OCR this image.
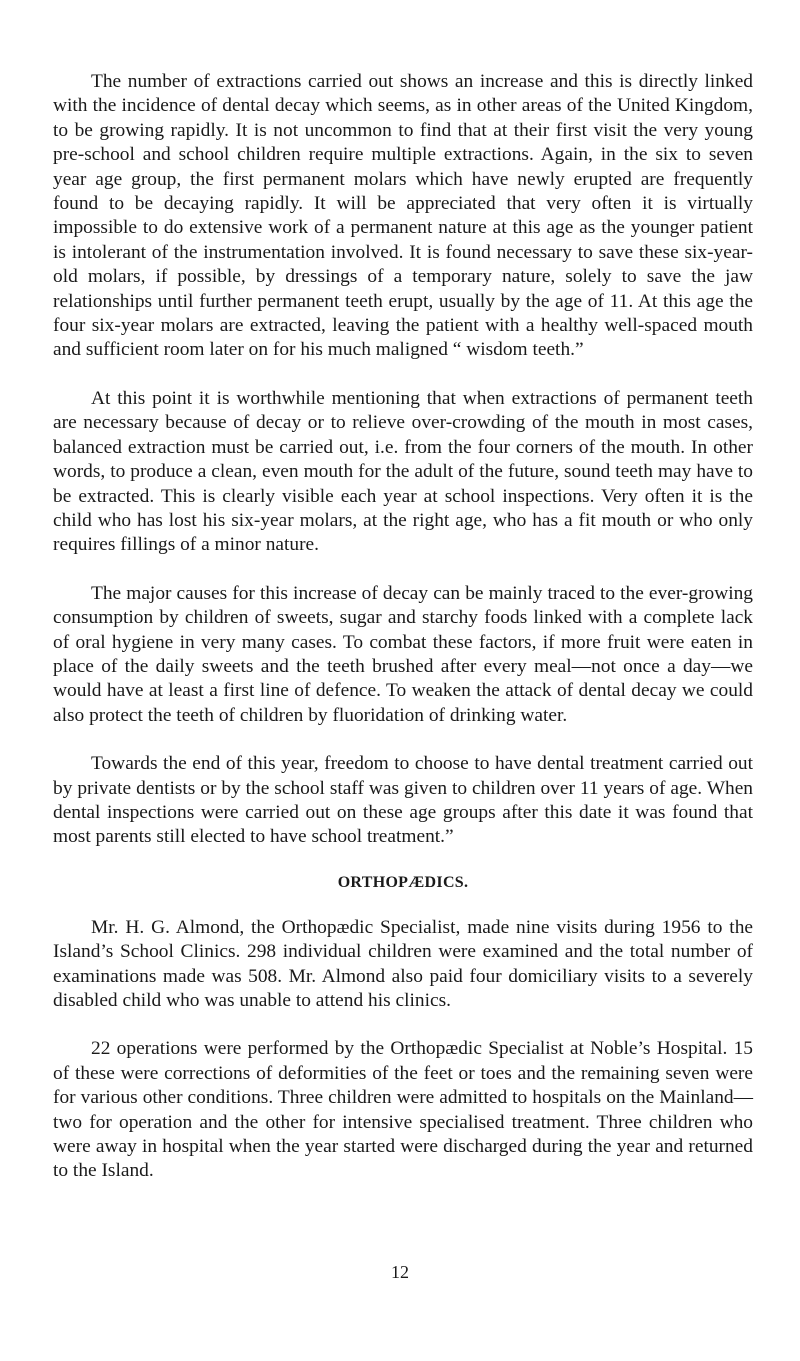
The number of extractions carried out shows an increase and this is directly linked with the incidence of dental decay which seems, as in other areas of the United Kingdom, to be growing rapidly. It is not uncommon to find that at their first visit the very young pre-school and school children require multiple extractions. Again, in the six to seven year age group, the first permanent molars which have newly erupted are frequently found to be decaying rapidly. It will be appreciated that very often it is virtually impossible to do extensive work of a permanent nature at this age as the younger patient is intolerant of the instrumentation involved. It is found necessary to save these six-year-old molars, if possible, by dressings of a temporary nature, solely to save the jaw relationships until further permanent teeth erupt, usually by the age of 11. At this age the four six-year molars are extracted, leaving the patient with a healthy well-spaced mouth and sufficient room later on for his much maligned “ wisdom teeth.”

At this point it is worthwhile mentioning that when extractions of permanent teeth are necessary because of decay or to relieve over-crowding of the mouth in most cases, balanced extraction must be carried out, i.e. from the four corners of the mouth. In other words, to produce a clean, even mouth for the adult of the future, sound teeth may have to be extracted. This is clearly visible each year at school inspections. Very often it is the child who has lost his six-year molars, at the right age, who has a fit mouth or who only requires fillings of a minor nature.

The major causes for this increase of decay can be mainly traced to the ever-growing consumption by children of sweets, sugar and starchy foods linked with a complete lack of oral hygiene in very many cases. To combat these factors, if more fruit were eaten in place of the daily sweets and the teeth brushed after every meal—not once a day—we would have at least a first line of defence. To weaken the attack of dental decay we could also protect the teeth of children by fluoridation of drinking water.

Towards the end of this year, freedom to choose to have dental treatment carried out by private dentists or by the school staff was given to children over 11 years of age. When dental inspections were carried out on these age groups after this date it was found that most parents still elected to have school treatment.”

ORTHOPÆDICS.

Mr. H. G. Almond, the Orthopædic Specialist, made nine visits during 1956 to the Island’s School Clinics. 298 individual children were examined and the total number of examinations made was 508. Mr. Almond also paid four domiciliary visits to a severely disabled child who was unable to attend his clinics.

22 operations were performed by the Orthopædic Specialist at Noble’s Hospital. 15 of these were corrections of deformities of the feet or toes and the remaining seven were for various other conditions. Three children were admitted to hospitals on the Mainland—two for operation and the other for intensive specialised treatment. Three children who were away in hospital when the year started were discharged during the year and returned to the Island.

12
